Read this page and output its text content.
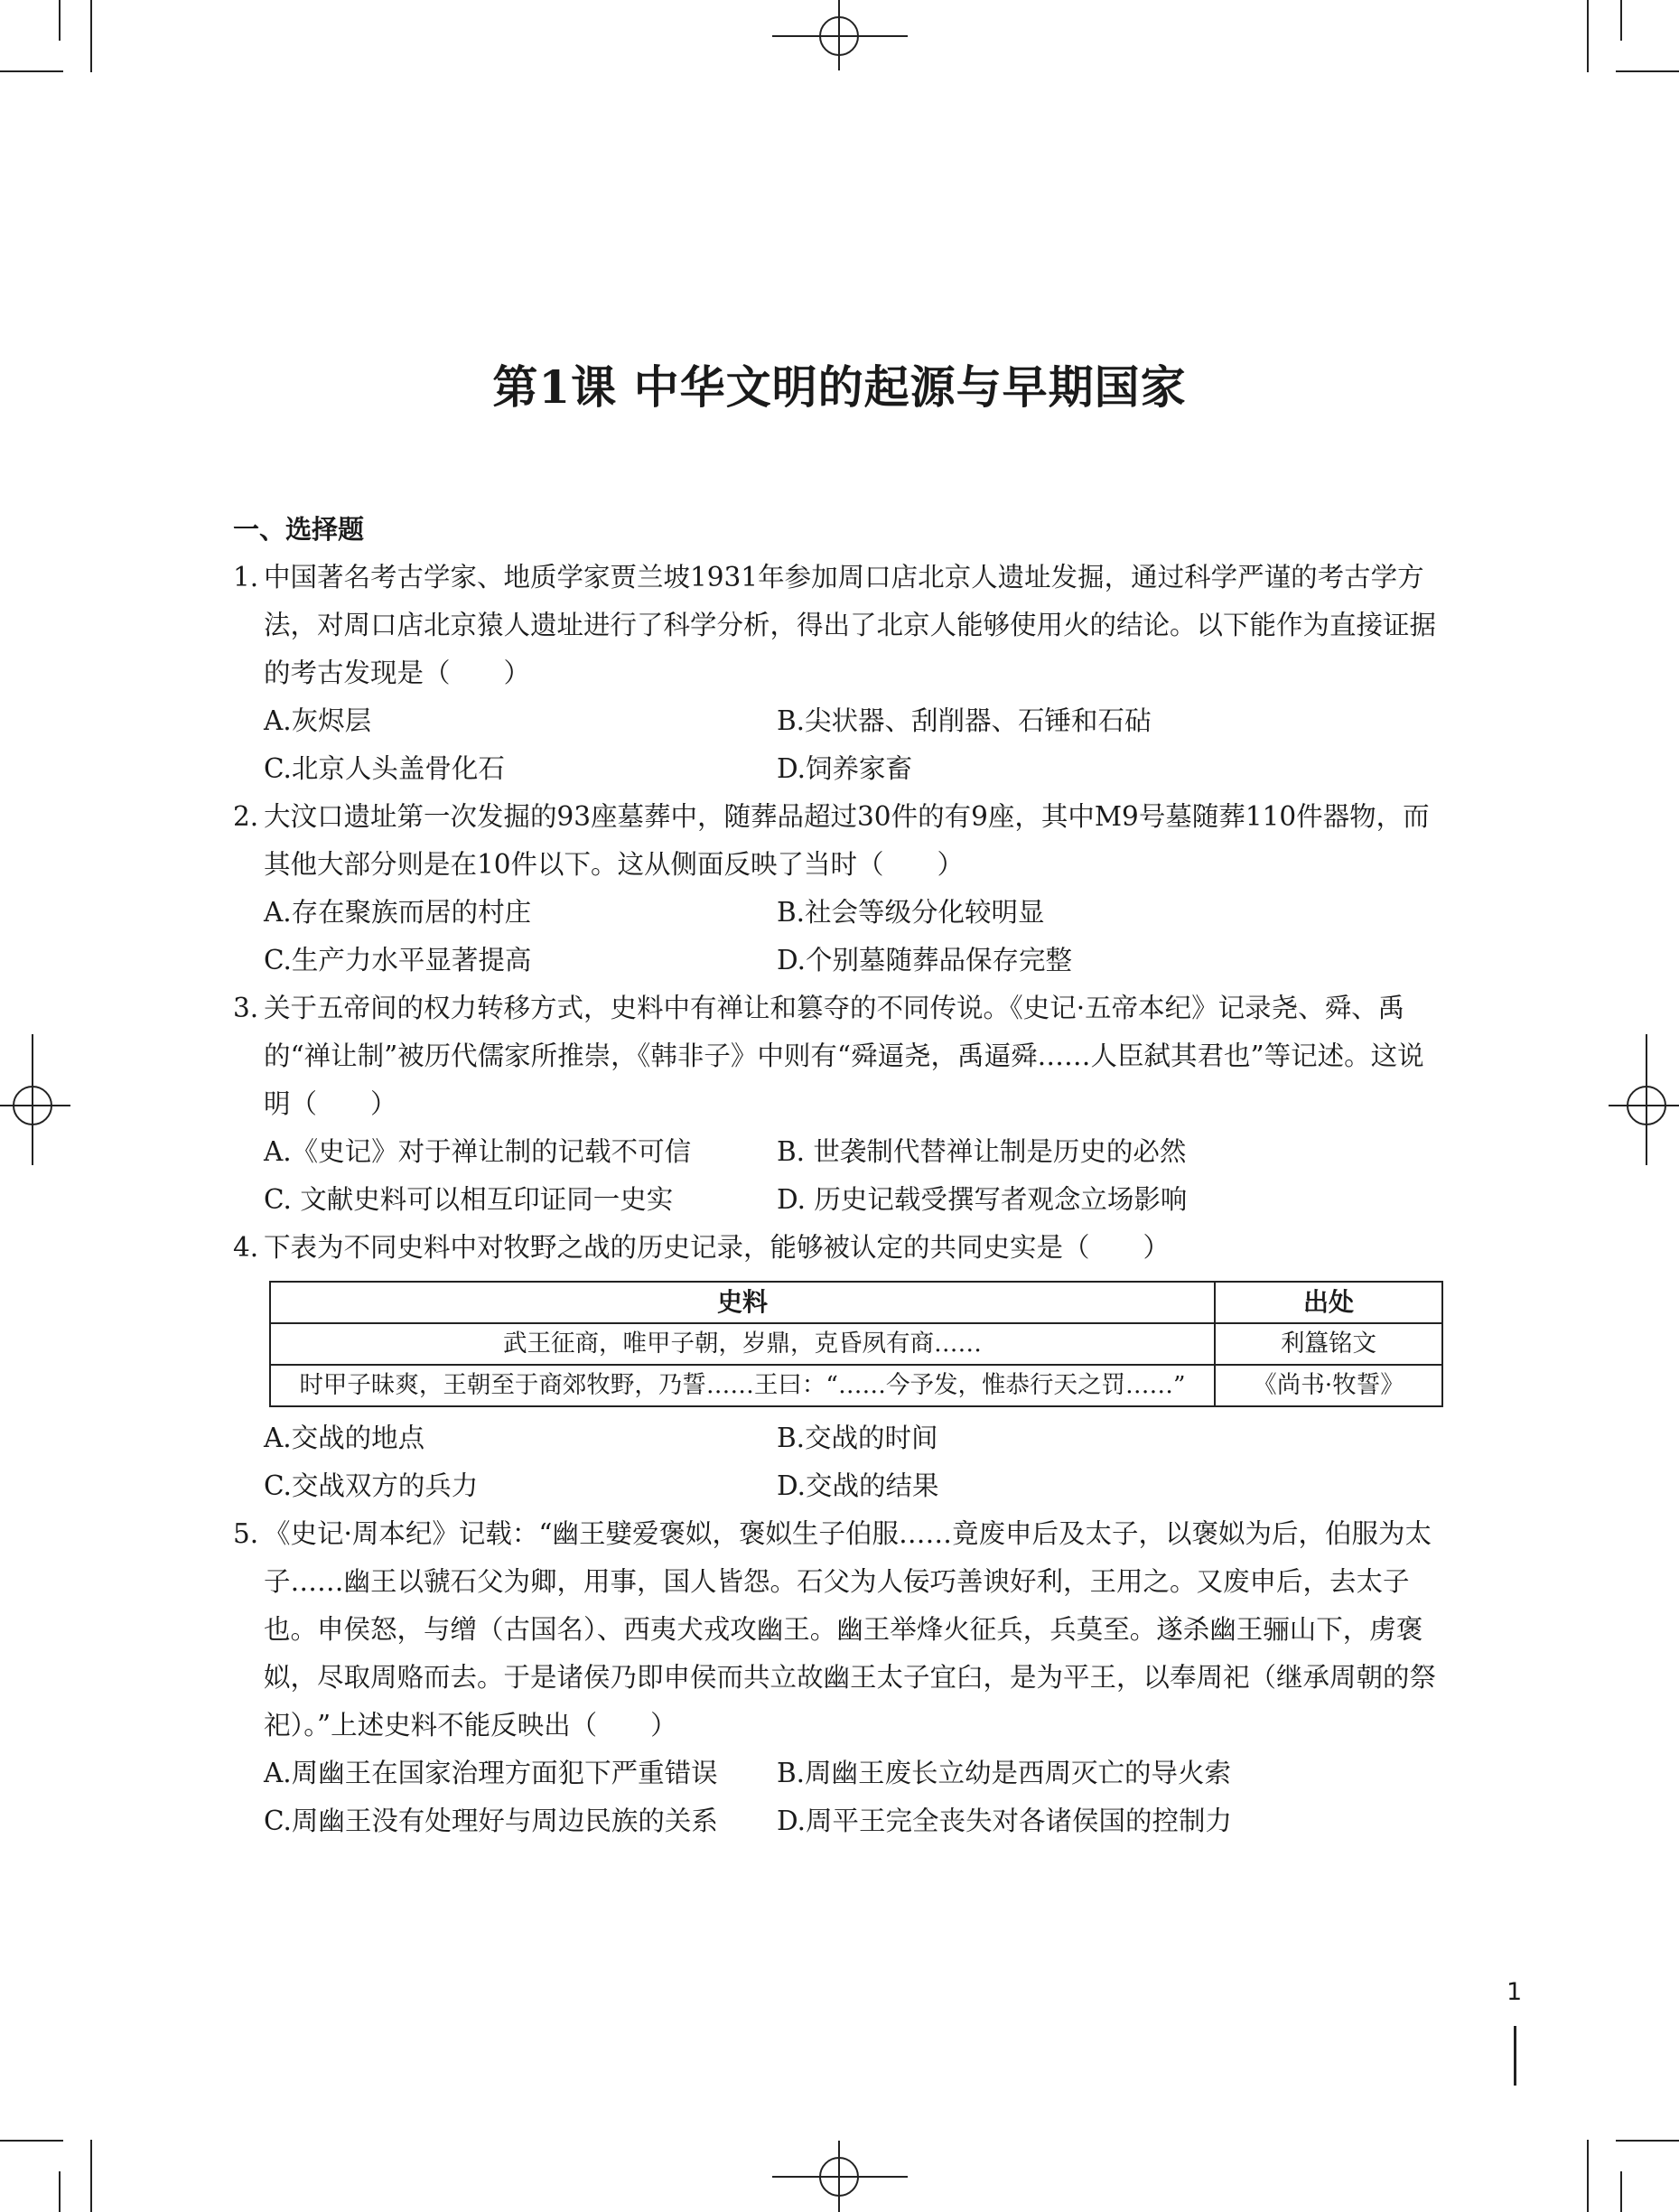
第1课 中华文明的起源与早期国家
一、选择题
1. 中国著名考古学家、地质学家贾兰坡1931年参加周口店北京人遗址发掘，通过科学严谨的考古学方法，对周口店北京猿人遗址进行了科学分析，得出了北京人能够使用火的结论。以下能作为直接证据的考古发现是（　　）
A.灰烬层	B.尖状器、刮削器、石锤和石砧
C.北京人头盖骨化石	D.饲养家畜
2. 大汶口遗址第一次发掘的93座墓葬中，随葬品超过30件的有9座，其中M9号墓随葬110件器物，而其他大部分则是在10件以下。这从侧面反映了当时（　　）
A.存在聚族而居的村庄	B.社会等级分化较明显
C.生产力水平显著提高	D.个别墓随葬品保存完整
3. 关于五帝间的权力转移方式，史料中有禅让和篡夺的不同传说。《史记·五帝本纪》记录尧、舜、禹的“禅让制”被历代儒家所推崇，《韩非子》中则有“舜逼尧，禹逼舜……人臣弑其君也”等记述。这说明（　　）
A.《史记》对于禅让制的记载不可信	B. 世袭制代替禅让制是历史的必然
C. 文献史料可以相互印证同一史实	D. 历史记载受撰写者观念立场影响
4. 下表为不同史料中对牧野之战的历史记录，能够被认定的共同史实是（　　）
史料	出处
武王征商，唯甲子朝，岁鼎，克昏夙有商……	利簋铭文
时甲子昧爽，王朝至于商郊牧野，乃誓……王曰：“……今予发，惟恭行天之罚……”	《尚书·牧誓》
A.交战的地点	B.交战的时间
C.交战双方的兵力	D.交战的结果
5. 《史记·周本纪》记载：“幽王嬖爱褒姒，褒姒生子伯服……竟废申后及太子，以褒姒为后，伯服为太子……幽王以虢石父为卿，用事，国人皆怨。石父为人佞巧善谀好利，王用之。又废申后，去太子也。申侯怒，与缯（古国名）、西夷犬戎攻幽王。幽王举烽火征兵，兵莫至。遂杀幽王骊山下，虏褒姒，尽取周赂而去。于是诸侯乃即申侯而共立故幽王太子宜臼，是为平王，以奉周祀（继承周朝的祭祀）。”上述史料不能反映出（　　）
A.周幽王在国家治理方面犯下严重错误	B.周幽王废长立幼是西周灭亡的导火索
C.周幽王没有处理好与周边民族的关系	D.周平王完全丧失对各诸侯国的控制力
1
